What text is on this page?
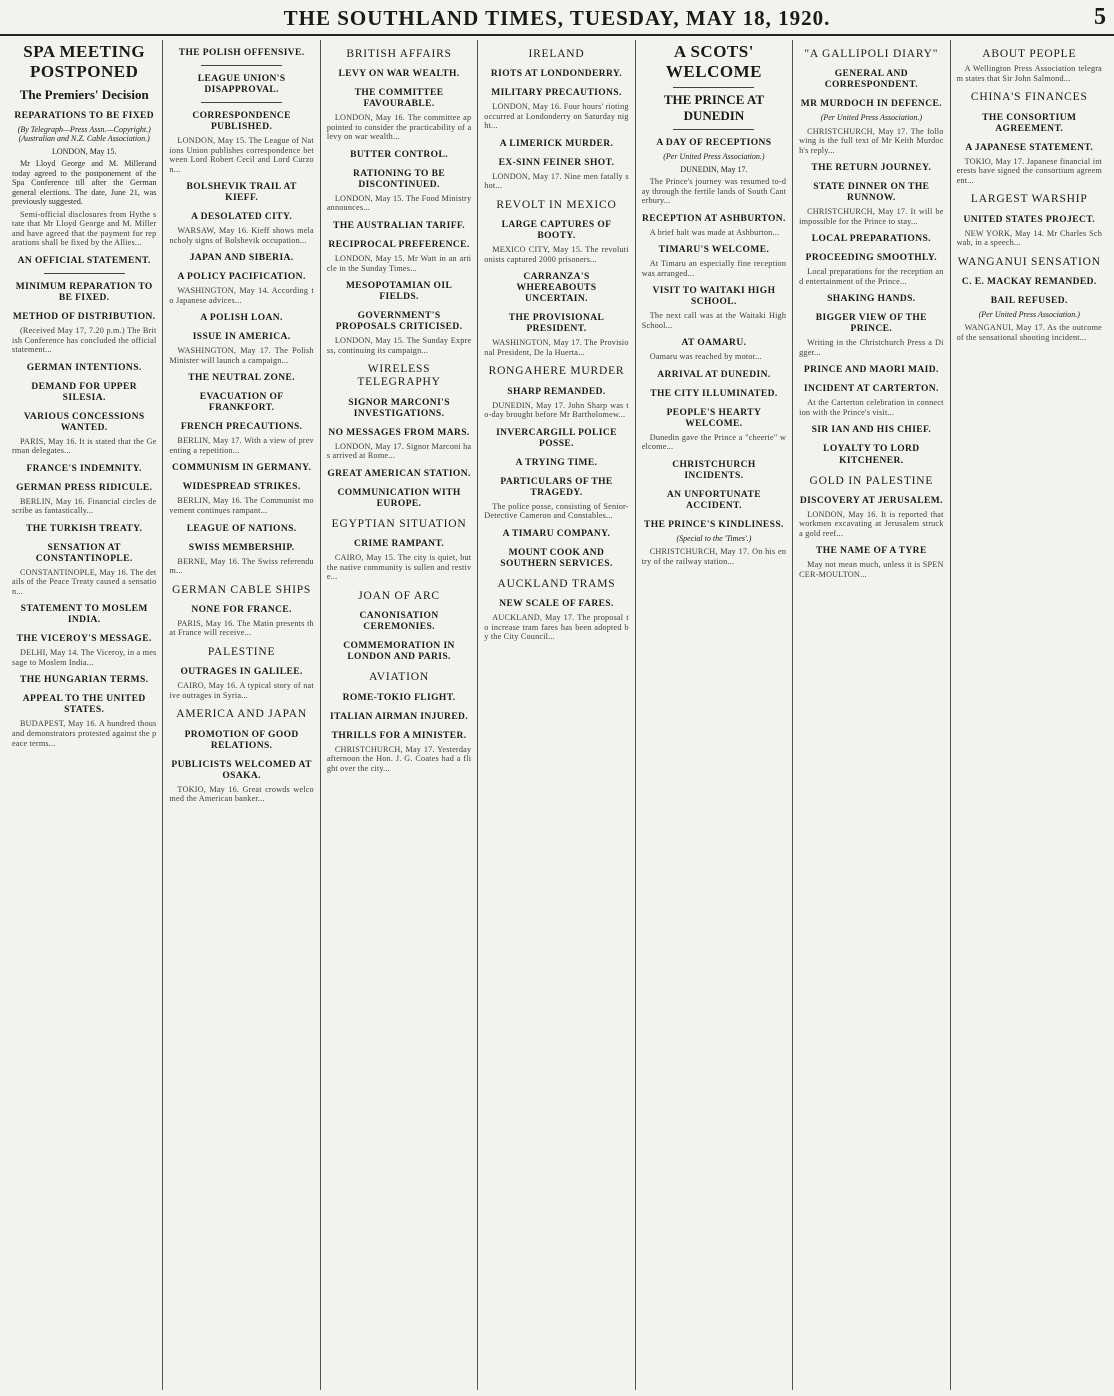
THE SOUTHLAND TIMES, TUESDAY, MAY 18, 1920.	5
SPA MEETING POSTPONED
The Premiers' Decision
REPARATIONS TO BE FIXED
(By Telegraph—Press Assn.—Copyright.) (Australian and N.Z. Cable Association.)
LONDON, May 15.

Mr Lloyd George and M. Millerand today agreed to the postponement of the Spa Conference till after the German general elections. The date, June 21, was previously suggested.

Semi-official disclosures from Hythe state that Mr Lloyd George and M. Millerand have agreed that the payment for reparations shall be fixed by the Allies...
AN OFFICIAL STATEMENT.
MINIMUM REPARATION TO BE FIXED.
METHOD OF DISTRIBUTION.
(Received May 17, 7.20 p.m.) The British Conference has concluded the official statement...
GERMAN INTENTIONS.
DEMAND FOR UPPER SILESIA.
VARIOUS CONCESSIONS WANTED.
PARIS, May 16. It is stated that the German delegates...
FRANCE'S INDEMNITY.
GERMAN PRESS RIDICULE.
BERLIN, May 16. Financial circles describe as fantastically...
THE TURKISH TREATY.
SENSATION AT CONSTANTINOPLE.
CONSTANTINOPLE, May 16. The details of the Peace Treaty caused a sensation...
STATEMENT TO MOSLEM INDIA.
THE VICEROY'S MESSAGE.
DELHI, May 14. The Viceroy, in a message to Moslem India...
THE HUNGARIAN TERMS.
APPEAL TO THE UNITED STATES.
BUDAPEST, May 16. A hundred thousand demonstrators protested against the peace terms...
THE POLISH OFFENSIVE.
LEAGUE UNION'S DISAPPROVAL.
CORRESPONDENCE PUBLISHED.
LONDON, May 15. The League of Nations Union publishes correspondence between Lord Robert Cecil and Lord Curzon...
BOLSHEVIK TRAIL AT KIEFF.
A DESOLATED CITY.
WARSAW, May 16. Kieff shows melancholy signs of Bolshevik occupation...
JAPAN AND SIBERIA.
A POLICY PACIFICATION.
WASHINGTON, May 14. According to Japanese advices...
A POLISH LOAN.
ISSUE IN AMERICA.
WASHINGTON, May 17. The Polish Minister will launch a campaign...
THE NEUTRAL ZONE.
EVACUATION OF FRANKFORT.
FRENCH PRECAUTIONS.
BERLIN, May 17. With a view of preventing a repetition...
COMMUNISM IN GERMANY.
WIDESPREAD STRIKES.
BERLIN, May 16. The Communist movement continues rampant...
LEAGUE OF NATIONS.
SWISS MEMBERSHIP.
BERNE, May 16. The Swiss referendum...
GERMAN CABLE SHIPS
NONE FOR FRANCE.
PARIS, May 16. The Matin presents that France will receive...
PALESTINE
OUTRAGES IN GALILEE.
CAIRO, May 16. A typical story of native outrages in Syria...
AMERICA AND JAPAN
PROMOTION OF GOOD RELATIONS.
PUBLICISTS WELCOMED AT OSAKA.
TOKIO, May 16. Great crowds welcomed the American banker...
BRITISH AFFAIRS
LEVY ON WAR WEALTH.
THE COMMITTEE FAVOURABLE.
LONDON, May 16. The committee appointed to consider the practicability of a levy on war wealth...
BUTTER CONTROL.
RATIONING TO BE DISCONTINUED.
LONDON, May 15. The Food Ministry announces...
THE AUSTRALIAN TARIFF.
RECIPROCAL PREFERENCE.
LONDON, May 15. Mr Watt in an article in the Sunday Times...
MESOPOTAMIAN OIL FIELDS.
GOVERNMENT'S PROPOSALS CRITICISED.
LONDON, May 15. The Sunday Express, continuing its campaign...
WIRELESS TELEGRAPHY
SIGNOR MARCONI'S INVESTIGATIONS.
NO MESSAGES FROM MARS.
LONDON, May 17. Signor Marconi has arrived at Rome...
GREAT AMERICAN STATION.
COMMUNICATION WITH EUROPE.
EGYPTIAN SITUATION
CRIME RAMPANT.
CAIRO, May 15. The city is quiet, but the native community is sullen and restive...
JOAN OF ARC
CANONISATION CEREMONIES.
COMMEMORATION IN LONDON AND PARIS.
AVIATION
ROME-TOKIO FLIGHT.
ITALIAN AIRMAN INJURED.
THRILLS FOR A MINISTER.
CHRISTCHURCH, May 17. Yesterday afternoon the Hon. J. G. Coates had a flight over the city...
IRELAND
RIOTS AT LONDONDERRY.
MILITARY PRECAUTIONS.
LONDON, May 16. Four hours' rioting occurred at Londonderry on Saturday night...
A LIMERICK MURDER.
EX-SINN FEINER SHOT.
LONDON, May 17. Nine men fatally shot...
REVOLT IN MEXICO
LARGE CAPTURES OF BOOTY.
MEXICO CITY, May 15. The revolutionists captured 2000 prisoners...
CARRANZA'S WHEREABOUTS UNCERTAIN.
THE PROVISIONAL PRESIDENT.
WASHINGTON, May 17. The Provisional President, De la Huerta...
RONGAHERE MURDER
SHARP REMANDED.
DUNEDIN, May 17. John Sharp was to-day brought before Mr Bartholomew...
INVERCARGILL POLICE POSSE.
A TRYING TIME.
PARTICULARS OF THE TRAGEDY.
The police posse, consisting of Senior-Detective Cameron and Constables...
A TIMARU COMPANY.
MOUNT COOK AND SOUTHERN SERVICES.
AUCKLAND TRAMS
NEW SCALE OF FARES.
AUCKLAND, May 17. The proposal to increase tram fares has been adopted by the City Council...
A SCOTS' WELCOME
THE PRINCE AT DUNEDIN
A DAY OF RECEPTIONS
(Per United Press Association.)
DUNEDIN, May 17.
The Prince's journey was resumed to-day through the fertile lands of South Canterbury...
RECEPTION AT ASHBURTON.
A brief halt was made at Ashburton...
TIMARU'S WELCOME.
At Timaru an especially fine reception was arranged...
VISIT TO WAITAKI HIGH SCHOOL.
The next call was at the Waitaki High School...
AT OAMARU.
Oamaru was reached by motor...
ARRIVAL AT DUNEDIN.
THE CITY ILLUMINATED.
PEOPLE'S HEARTY WELCOME.
Dunedin gave the Prince a "cheerie" welcome...
CHRISTCHURCH INCIDENTS.
AN UNFORTUNATE ACCIDENT.
THE PRINCE'S KINDLINESS.
(Special to the 'Times'.)
CHRISTCHURCH, May 17. On his entry of the railway station...
"A GALLIPOLI DIARY"
GENERAL AND CORRESPONDENT.
MR MURDOCH IN DEFENCE.
(Per United Press Association.)
CHRISTCHURCH, May 17. The following is the full text of Mr Keith Murdoch's reply...
THE RETURN JOURNEY.
STATE DINNER ON THE RUNNOW.
CHRISTCHURCH, May 17. It will be impossible for the Prince to stay...
LOCAL PREPARATIONS.
PROCEEDING SMOOTHLY.
Local preparations for the reception and entertainment of the Prince...
SHAKING HANDS.
BIGGER VIEW OF THE PRINCE.
Writing in the Christchurch Press a Digger...
PRINCE AND MAORI MAID.
INCIDENT AT CARTERTON.
At the Carterton celebration in connection with the Prince's visit...
SIR IAN AND HIS CHIEF.
LOYALTY TO LORD KITCHENER.
GOLD IN PALESTINE
DISCOVERY AT JERUSALEM.
LONDON, May 16. It is reported that workmen excavating at Jerusalem struck a gold reef...
THE NAME OF A TYRE
May not mean much, unless it is SPENCER-MOULTON...
ABOUT PEOPLE
A Wellington Press Association telegram states that Sir John Salmond...
CHINA'S FINANCES
THE CONSORTIUM AGREEMENT.
A JAPANESE STATEMENT.
TOKIO, May 17. Japanese financial interests have signed the consortium agreement...
LARGEST WARSHIP
UNITED STATES PROJECT.
NEW YORK, May 14. Mr Charles Schwab, in a speech...
WANGANUI SENSATION
C. E. MACKAY REMANDED.
BAIL REFUSED.
(Per United Press Association.)
WANGANUI, May 17. As the outcome of the sensational shooting incident...
